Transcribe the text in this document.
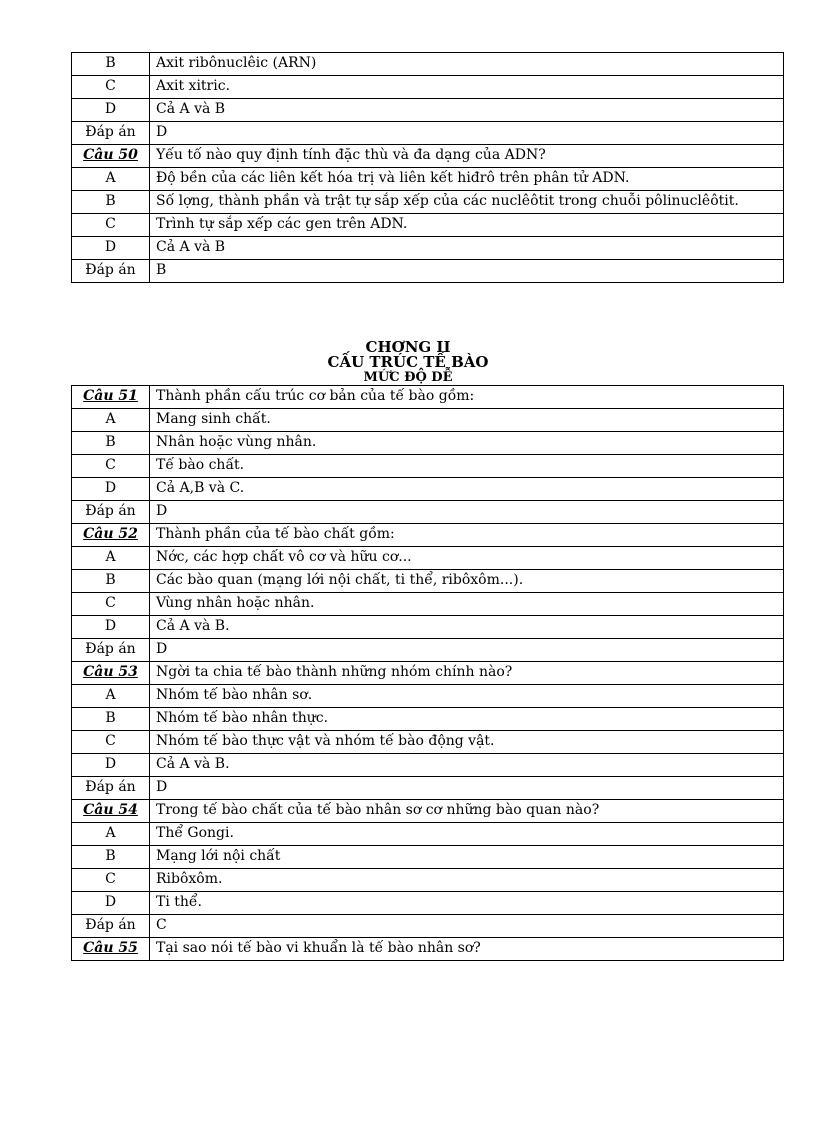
B	Axit ribônuclêic (ARN)
C	Axit xitric.
D	Cả A và B
Đáp án	D
Câu 50	Yếu tố nào quy định tính đặc thù và đa dạng của ADN?
A	Độ bền của các liên kết hóa trị và liên kết hiđrô trên phân tử ADN.
B	Số lợng, thành phần và trật tự sắp xếp của các nuclêôtit trong chuỗi pôlinuclêôtit.
C	Trình tự sắp xếp các gen trên ADN.
D	Cả A và B
Đáp án	B
CHƠNG II
CẤU TRÚC TẾ BÀO
MỨC ĐỘ DỄ
Câu 51	Thành phần cấu trúc cơ bản của tế bào gồm:
A	Mang sinh chất.
B	Nhân hoặc vùng nhân.
C	Tế bào chất.
D	Cả A,B và C.
Đáp án	D
Câu 52	Thành phần của tế bào chất gồm:
A	Nớc, các hợp chất vô cơ và hữu cơ...
B	Các bào quan (mạng lới nội chất, ti thể, ribôxôm...).
C	Vùng nhân hoặc nhân.
D	Cả A và B.
Đáp án	D
Câu 53	Ngời ta chia tế bào thành những nhóm chính nào?
A	Nhóm tế bào nhân sơ.
B	Nhóm tế bào nhân thực.
C	Nhóm tế bào thực vật và nhóm tế bào động vật.
D	Cả A và B.
Đáp án	D
Câu 54	Trong tế bào chất của tế bào nhân sơ cơ những bào quan nào?
A	Thể Gongi.
B	Mạng lới nội chất
C	Ribôxôm.
D	Ti thể.
Đáp án	C
Câu 55	Tại sao nói tế bào vi khuẩn là tế bào nhân sơ?
